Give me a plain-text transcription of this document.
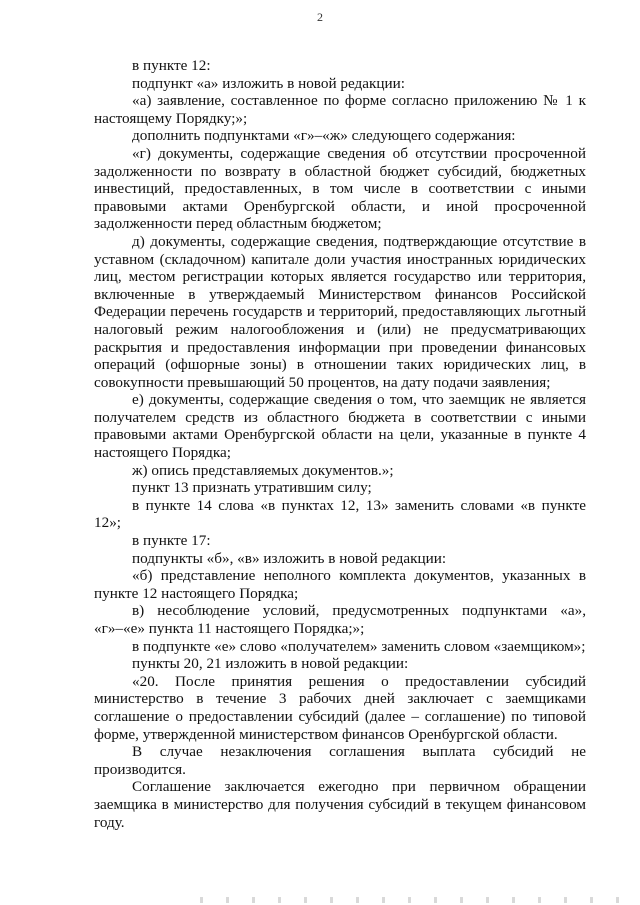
2

в пункте 12:

подпункт «а» изложить в новой редакции:

«а) заявление, составленное по форме согласно приложению № 1 к настоящему Порядку;»;

дополнить подпунктами «г»–«ж» следующего содержания:

«г) документы, содержащие сведения об отсутствии просроченной задолженности по возврату в областной бюджет субсидий, бюджетных инвестиций, предоставленных, в том числе в соответствии с иными правовыми актами Оренбургской области, и иной просроченной задолженности перед областным бюджетом;

д) документы, содержащие сведения, подтверждающие отсутствие в уставном (складочном) капитале доли участия иностранных юридических лиц, местом регистрации которых является государство или территория, включенные в утверждаемый Министерством финансов Российской Федерации перечень государств и территорий, предоставляющих льготный налоговый режим налогообложения и (или) не предусматривающих раскрытия и предоставления информации при проведении финансовых операций (офшорные зоны) в отношении таких юридических лиц, в совокупности превышающий 50 процентов, на дату подачи заявления;

е) документы, содержащие сведения о том, что заемщик не является получателем средств из областного бюджета в соответствии с иными правовыми актами Оренбургской области на цели, указанные в пункте 4 настоящего Порядка;

ж) опись представляемых документов.»;

пункт 13 признать утратившим силу;

в пункте 14 слова «в пунктах 12, 13» заменить словами «в пункте 12»;

в пункте 17:

подпункты «б», «в» изложить в новой редакции:

«б) представление неполного комплекта документов, указанных в пункте 12 настоящего Порядка;

в) несоблюдение условий, предусмотренных подпунктами «а», «г»–«е» пункта 11 настоящего Порядка;»;

в подпункте «е» слово «получателем» заменить словом «заемщиком»;

пункты 20, 21 изложить в новой редакции:

«20. После принятия решения о предоставлении субсидий министерство в течение 3 рабочих дней заключает с заемщиками соглашение о предоставлении субсидий (далее – соглашение) по типовой форме, утвержденной министерством финансов Оренбургской области.

В случае незаключения соглашения выплата субсидий не производится.

Соглашение заключается ежегодно при первичном обращении заемщика в министерство для получения субсидий в текущем финансовом году.
